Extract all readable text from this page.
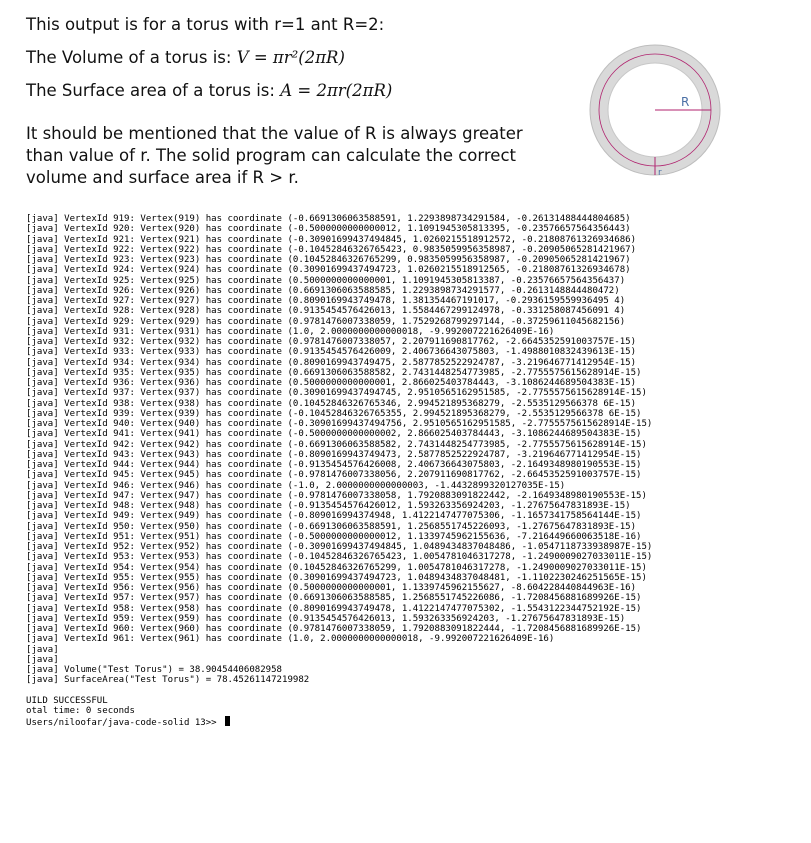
This output is for a torus with r=1 ant R=2:

The Volume of a torus is: V = πr²(2πR)

The Surface area of a torus is: A = 2πr(2πR)

It should be mentioned that the value of R is always greater than value of r. The solid program can calculate the correct volume and surface area if R > r.

R
r
[java] VertexId 919: Vertex(919) has coordinate (-0.6691306063588591, 1.2293898734291584, -0.26131488444804685)
[java] VertexId 920: Vertex(920) has coordinate (-0.5000000000000012, 1.1091945305813395, -0.23576657564356443)
[java] VertexId 921: Vertex(921) has coordinate (-0.30901699437494845, 1.0260215518912572, -0.21808761326934686)
[java] VertexId 922: Vertex(922) has coordinate (-0.10452846326765423, 0.9835059956358987, -0.20905065281421967)
[java] VertexId 923: Vertex(923) has coordinate (0.10452846326765299, 0.9835059956358987, -0.20905065281421967)
[java] VertexId 924: Vertex(924) has coordinate (0.30901699437494723, 1.0260215518912565, -0.21808761326934678)
[java] VertexId 925: Vertex(925) has coordinate (0.5000000000000001, 1.1091945305813387, -0.23576657564356437)
[java] VertexId 926: Vertex(926) has coordinate (0.6691306063588585, 1.2293898734291577, -0.2613148844480472)
[java] VertexId 927: Vertex(927) has coordinate (0.8090169943749478, 1.381354467191017, -0.2936159559936495 4)
[java] VertexId 928: Vertex(928) has coordinate (0.9135454576426013, 1.5584467299124978, -0.331258087456091 4)
[java] VertexId 929: Vertex(929) has coordinate (0.9781476007338059, 1.7529268799297144, -0.37259611045682156)
[java] VertexId 931: Vertex(931) has coordinate (1.0, 2.0000000000000018, -9.992007221626409E-16)
[java] VertexId 932: Vertex(932) has coordinate (0.9781476007338057, 2.207911690817762, -2.6645352591003757E-15)
[java] VertexId 933: Vertex(933) has coordinate (0.9135454576426009, 2.406736643075803, -1.4988010832439613E-15)
[java] VertexId 934: Vertex(934) has coordinate (0.8090169943749475, 2.5877852522924787, -3.219646771412954E-15)
[java] VertexId 935: Vertex(935) has coordinate (0.6691306063588582, 2.7431448254773985, -2.7755575615628914E-15)
[java] VertexId 936: Vertex(936) has coordinate (0.5000000000000001, 2.866025403784443, -3.1086244689504383E-15)
[java] VertexId 937: Vertex(937) has coordinate (0.30901699437494745, 2.9510565162951585, -2.7755575615628914E-15)
[java] VertexId 938: Vertex(938) has coordinate (0.10452846326765346, 2.994521895368279, -2.5535129566378 6E-15)
[java] VertexId 939: Vertex(939) has coordinate (-0.10452846326765355, 2.994521895368279, -2.5535129566378 6E-15)
[java] VertexId 940: Vertex(940) has coordinate (-0.30901699437494756, 2.9510565162951585, -2.7755575615628914E-15)
[java] VertexId 941: Vertex(941) has coordinate (-0.5000000000000002, 2.866025403784443, -3.1086244689504383E-15)
[java] VertexId 942: Vertex(942) has coordinate (-0.6691306063588582, 2.7431448254773985, -2.7755575615628914E-15)
[java] VertexId 943: Vertex(943) has coordinate (-0.8090169943749473, 2.5877852522924787, -3.219646771412954E-15)
[java] VertexId 944: Vertex(944) has coordinate (-0.9135454576426008, 2.406736643075803, -2.1649348980190553E-15)
[java] VertexId 945: Vertex(945) has coordinate (-0.9781476007338056, 2.207911690817762, -2.6645352591003757E-15)
[java] VertexId 946: Vertex(946) has coordinate (-1.0, 2.0000000000000003, -1.4432899320127035E-15)
[java] VertexId 947: Vertex(947) has coordinate (-0.9781476007338058, 1.7920883091822442, -2.1649348980190553E-15)
[java] VertexId 948: Vertex(948) has coordinate (-0.9135454576426012, 1.593263356924203, -1.27675647831893E-15)
[java] VertexId 949: Vertex(949) has coordinate (-0.809016994374948, 1.4122147477075306, -1.1657341758564144E-15)
[java] VertexId 950: Vertex(950) has coordinate (-0.6691306063588591, 1.2568551745226093, -1.27675647831893E-15)
[java] VertexId 951: Vertex(951) has coordinate (-0.5000000000000012, 1.1339745962155636, -7.216449660063518E-16)
[java] VertexId 952: Vertex(952) has coordinate (-0.30901699437494845, 1.0489434837048486, -1.0547118733938987E-15)
[java] VertexId 953: Vertex(953) has coordinate (-0.10452846326765423, 1.0054781046317278, -1.2490009027033011E-15)
[java] VertexId 954: Vertex(954) has coordinate (0.10452846326765299, 1.0054781046317278, -1.2490009027033011E-15)
[java] VertexId 955: Vertex(955) has coordinate (0.30901699437494723, 1.0489434837048481, -1.1102230246251565E-15)
[java] VertexId 956: Vertex(956) has coordinate (0.5000000000000001, 1.1339745962155627, -8.604228440844963E-16)
[java] VertexId 957: Vertex(957) has coordinate (0.6691306063588585, 1.2568551745226086, -1.7208456881689926E-15)
[java] VertexId 958: Vertex(958) has coordinate (0.8090169943749478, 1.4122147477075302, -1.5543122344752192E-15)
[java] VertexId 959: Vertex(959) has coordinate (0.9135454576426013, 1.593263356924203, -1.27675647831893E-15)
[java] VertexId 960: Vertex(960) has coordinate (0.9781476007338059, 1.7920883091822444, -1.7208456881689926E-15)
[java] VertexId 961: Vertex(961) has coordinate (1.0, 2.0000000000000018, -9.992007221626409E-16)
[java]
[java]
[java] Volume("Test Torus") = 38.90454406082958
[java] SurfaceArea("Test Torus") = 78.45261147219982
UILD SUCCESSFUL
otal time: 0 seconds
Users/niloofar/java-code-solid 13>>
